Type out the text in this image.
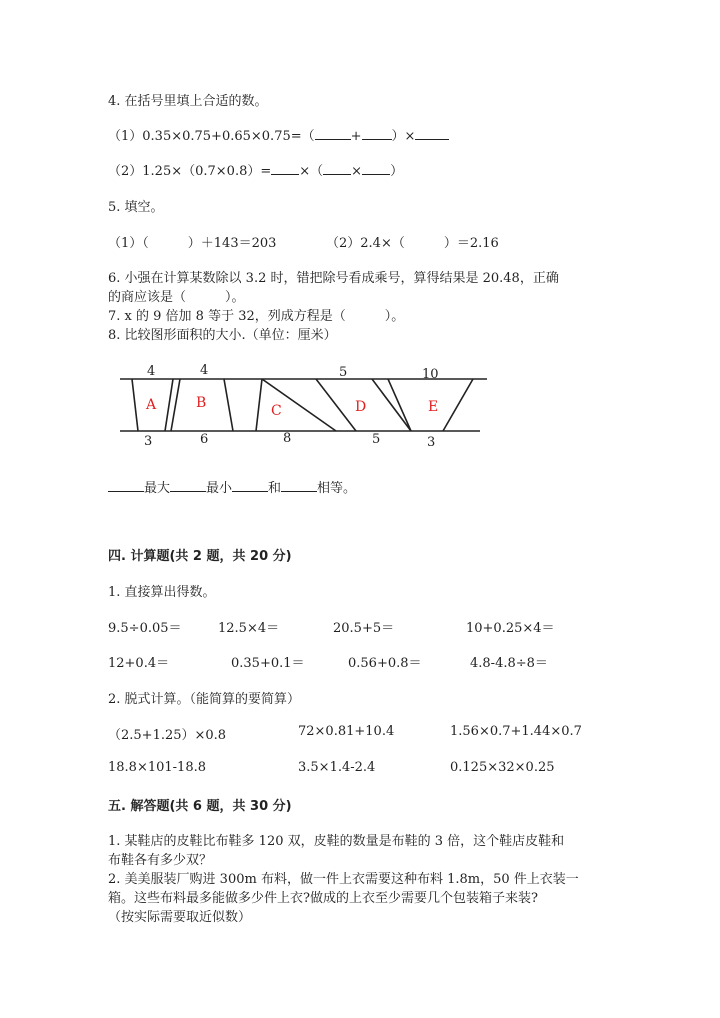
4. 在括号里填上合适的数。
（1）0.35×0.75+0.65×0.75=（	+ ）×
（2）1.25×（0.7×0.8）= ×（ × ）
5. 填空。
（1）（　　　）＋143＝203	（2）2.4×（　　　）＝2.16
6. 小强在计算某数除以 3.2 时，错把除号看成乘号，算得结果是 20.48，正确
的商应该是（　　　）。
7. x 的 9 倍加 8 等于 32，列成方程是（　　　）。
8. 比较图形面积的大小.（单位：厘米）
A	B	C	D	E
4	4	5	10
3	6	8	5	3
最大	最小	和	相等。
四. 计算题(共 2 题，共 20 分)
1. 直接算出得数。
9.5÷0.05＝	12.5×4＝	20.5+5＝	10+0.25×4＝
12+0.4＝	0.35+0.1＝	0.56+0.8＝	4.8-4.8÷8＝
2. 脱式计算。（能简算的要简算）
（2.5+1.25）×0.8	72×0.81+10.4	1.56×0.7+1.44×0.7
18.8×101-18.8	3.5×1.4-2.4	0.125×32×0.25
五. 解答题(共 6 题，共 30 分)
1. 某鞋店的皮鞋比布鞋多 120 双，皮鞋的数量是布鞋的 3 倍，这个鞋店皮鞋和
布鞋各有多少双？
2. 美美服装厂购进 300m 布料，做一件上衣需要这种布料 1.8m，50 件上衣装一
箱。这些布料最多能做多少件上衣?做成的上衣至少需要几个包装箱子来装?
（按实际需要取近似数）
